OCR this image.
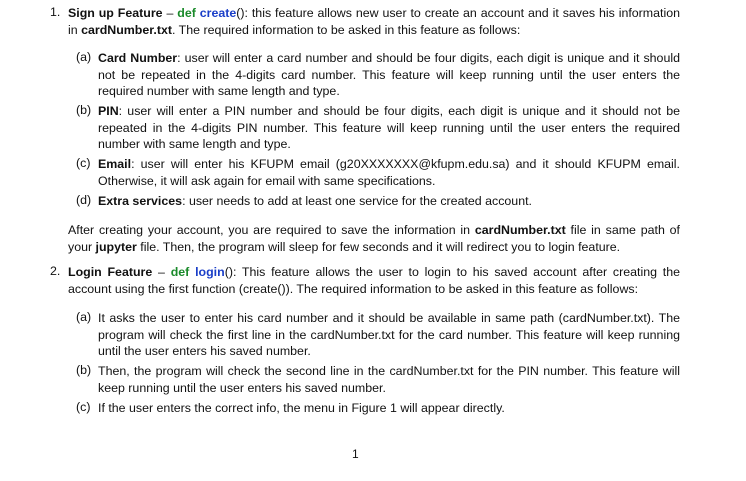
1. Sign up Feature – def create(): this feature allows new user to create an account and it saves his information in cardNumber.txt. The required information to be asked in this feature as follows:
(a) Card Number: user will enter a card number and should be four digits, each digit is unique and it should not be repeated in the 4-digits card number. This feature will keep running until the user enters the required number with same length and type.
(b) PIN: user will enter a PIN number and should be four digits, each digit is unique and it should not be repeated in the 4-digits PIN number. This feature will keep running until the user enters the required number with same length and type.
(c) Email: user will enter his KFUPM email (g20XXXXXXX@kfupm.edu.sa) and it should KFUPM email. Otherwise, it will ask again for email with same specifications.
(d) Extra services: user needs to add at least one service for the created account.
After creating your account, you are required to save the information in cardNumber.txt file in same path of your jupyter file. Then, the program will sleep for few seconds and it will redirect you to login feature.
2. Login Feature – def login(): This feature allows the user to login to his saved account after creating the account using the first function (create()). The required information to be asked in this feature as follows:
(a) It asks the user to enter his card number and it should be available in same path (cardNumber.txt). The program will check the first line in the cardNumber.txt for the card number. This feature will keep running until the user enters his saved number.
(b) Then, the program will check the second line in the cardNumber.txt for the PIN number. This feature will keep running until the user enters his saved number.
(c) If the user enters the correct info, the menu in Figure 1 will appear directly.
1
